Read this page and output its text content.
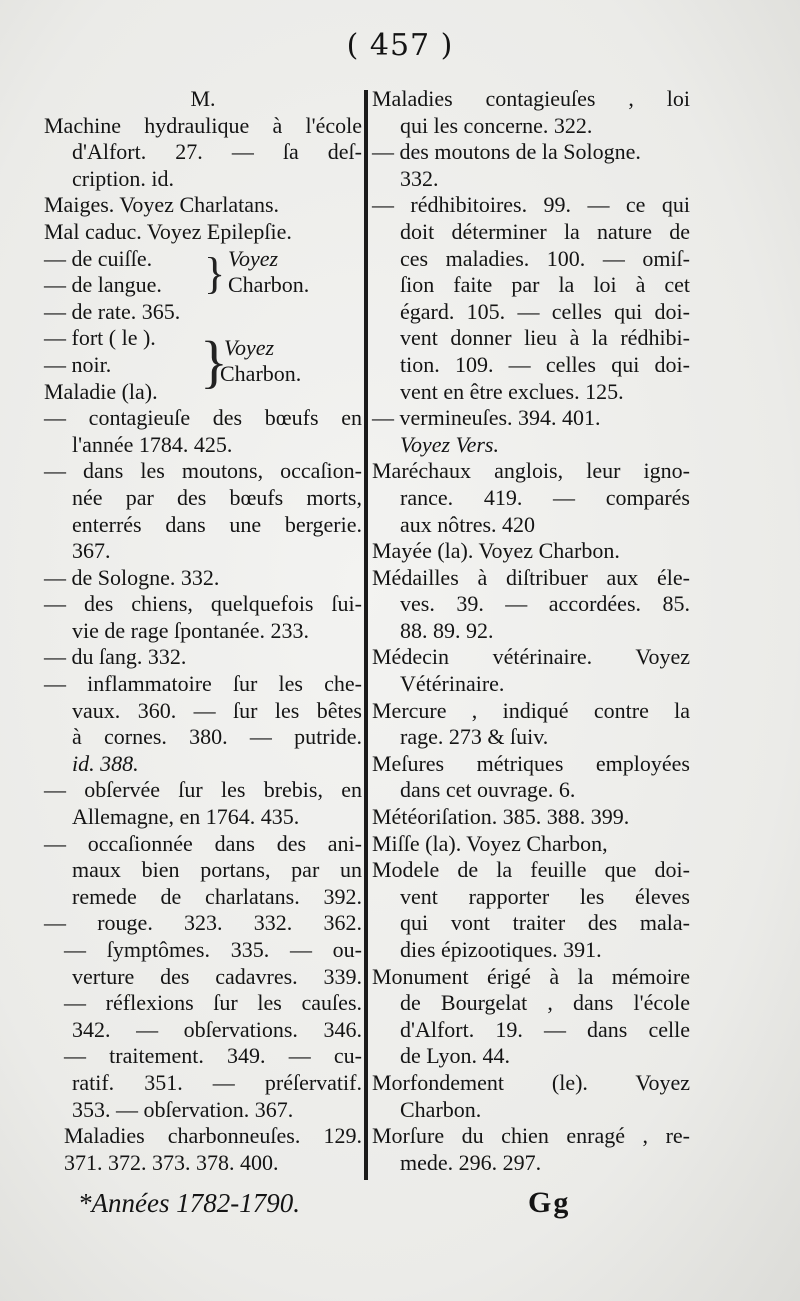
( 457 )
M.
Machine hydraulique à l'école
d'Alfort. 27. — ſa deſ-
cription. id.
Maiges. Voyez Charlatans.
Mal caduc. Voyez Epilepſie.
— de cuiſſe.
— de langue. } Voyez
Charbon.
— de rate. 365.
— fort ( le ).
— noir.
Maladie (la). }
Voyez
Charbon.
— contagieuſe des bœufs en
l'année 1784. 425.
— dans les moutons, occaſion-
née par des bœufs morts,
enterrés dans une bergerie.
367.
— de Sologne. 332.
— des chiens, quelquefois ſui-
vie de rage ſpontanée. 233.
— du ſang. 332.
— inflammatoire ſur les che-
vaux. 360. — ſur les bêtes
à cornes. 380. — putride.
id. 388.
— obſervée ſur les brebis, en
Allemagne, en 1764. 435.
— occaſionnée dans des ani-
maux bien portans, par un
remede de charlatans. 392.
— rouge. 323. 332. 362.
— ſymptômes. 335. — ou-
verture des cadavres. 339.
— réflexions ſur les cauſes.
342. — obſervations. 346.
— traitement. 349. — cu-
ratif. 351. — préſervatif.
353. — obſervation. 367.
Maladies charbonneuſes. 129.
371. 372. 373. 378. 400.
Maladies contagieuſes , loi
qui les concerne. 322.
— des moutons de la Sologne.
332.
— rédhibitoires. 99. — ce qui
doit déterminer la nature de
ces maladies. 100. — omiſ-
ſion faite par la loi à cet
égard. 105. — celles qui doi-
vent donner lieu à la rédhibi-
tion. 109. — celles qui doi-
vent en être exclues. 125.
— vermineuſes. 394. 401.
Voyez Vers.
Maréchaux anglois, leur igno-
rance. 419. — comparés
aux nôtres. 420
Mayée (la). Voyez Charbon.
Médailles à diſtribuer aux éle-
ves. 39. — accordées. 85.
88. 89. 92.
Médecin vétérinaire. Voyez
Vétérinaire.
Mercure , indiqué contre la
rage. 273 & ſuiv.
Meſures métriques employées
dans cet ouvrage. 6.
Météoriſation. 385. 388. 399.
Miſſe (la). Voyez Charbon,
Modele de la feuille que doi-
vent rapporter les éleves
qui vont traiter des mala-
dies épizootiques. 391.
Monument érigé à la mémoire
de Bourgelat , dans l'école
d'Alfort. 19. — dans celle
de Lyon. 44.
Morfondement (le). Voyez
Charbon.
Morſure du chien enragé , re-
mede. 296. 297.
*Années 1782-1790.	Gg
